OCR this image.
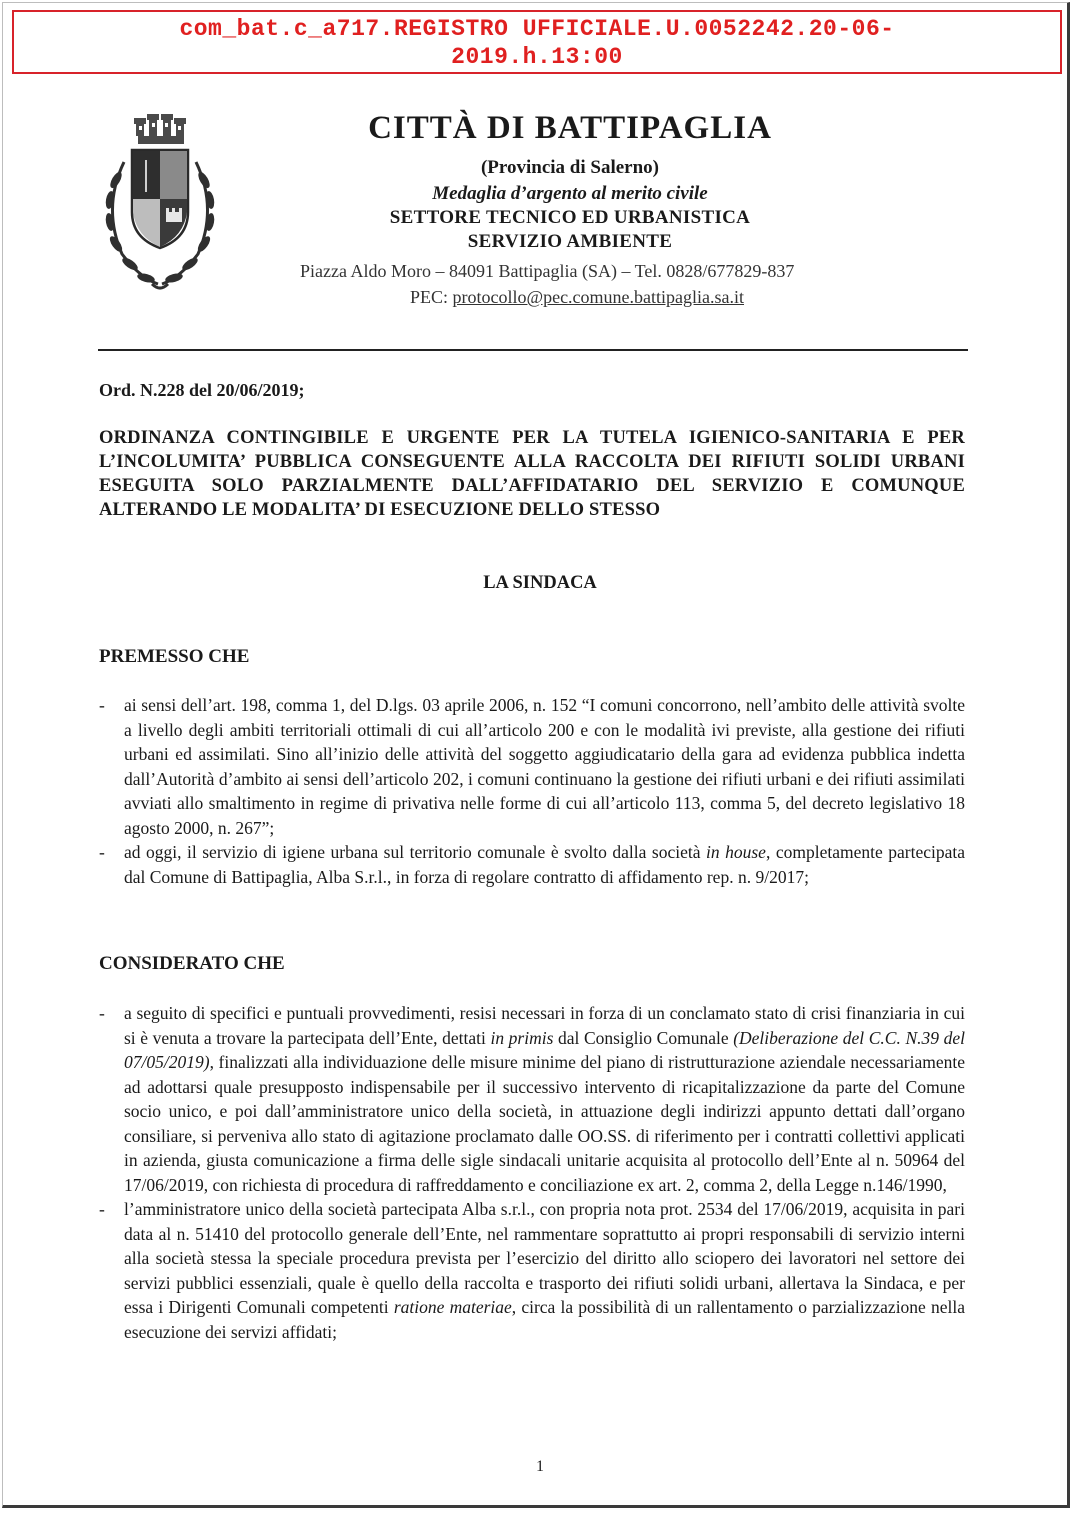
com_bat.c_a717.REGISTRO UFFICIALE.U.0052242.20-06-
2019.h.13:00
CITTÀ DI BATTIPAGLIA
(Provincia di Salerno)
Medaglia d’argento al merito civile
SETTORE TECNICO ED URBANISTICA
SERVIZIO AMBIENTE
Piazza Aldo Moro – 84091 Battipaglia (SA) – Tel. 0828/677829-837
PEC: protocollo@pec.comune.battipaglia.sa.it
Ord. N.228 del 20/06/2019;
ORDINANZA CONTINGIBILE E URGENTE PER LA TUTELA IGIENICO-SANITARIA E PER L’INCOLUMITA’ PUBBLICA CONSEGUENTE ALLA RACCOLTA DEI RIFIUTI SOLIDI URBANI ESEGUITA SOLO PARZIALMENTE DALL’AFFIDATARIO DEL SERVIZIO E COMUNQUE ALTERANDO LE MODALITA’ DI ESECUZIONE DELLO STESSO
LA SINDACA
PREMESSO CHE
- ai sensi dell’art. 198, comma 1, del D.lgs. 03 aprile 2006, n. 152 “I comuni concorrono, nell’ambito delle attività svolte a livello degli ambiti territoriali ottimali di cui all’articolo 200 e con le modalità ivi previste, alla gestione dei rifiuti urbani ed assimilati. Sino all’inizio delle attività del soggetto aggiudicatario della gara ad evidenza pubblica indetta dall’Autorità d’ambito ai sensi dell’articolo 202, i comuni continuano la gestione dei rifiuti urbani e dei rifiuti assimilati avviati allo smaltimento in regime di privativa nelle forme di cui all’articolo 113, comma 5, del decreto legislativo 18 agosto 2000, n. 267”;
- ad oggi, il servizio di igiene urbana sul territorio comunale è svolto dalla società in house, completamente partecipata dal Comune di Battipaglia, Alba S.r.l., in forza di regolare contratto di affidamento rep. n. 9/2017;
CONSIDERATO CHE
- a seguito di specifici e puntuali provvedimenti, resisi necessari in forza di un conclamato stato di crisi finanziaria in cui si è venuta a trovare la partecipata dell’Ente, dettati in primis dal Consiglio Comunale (Deliberazione del C.C. N.39 del 07/05/2019), finalizzati alla individuazione delle misure minime del piano di ristrutturazione aziendale necessariamente ad adottarsi quale presupposto indispensabile per il successivo intervento di ricapitalizzazione da parte del Comune socio unico, e poi dall’amministratore unico della società, in attuazione degli indirizzi appunto dettati dall’organo consiliare, si perveniva allo stato di agitazione proclamato dalle OO.SS. di riferimento per i contratti collettivi applicati in azienda, giusta comunicazione a firma delle sigle sindacali unitarie acquisita al protocollo dell’Ente al n. 50964 del 17/06/2019, con richiesta di procedura di raffreddamento e conciliazione ex art. 2, comma 2, della Legge n.146/1990,
- l’amministratore unico della società partecipata Alba s.r.l., con propria nota prot. 2534 del 17/06/2019, acquisita in pari data al n. 51410 del protocollo generale dell’Ente, nel rammentare soprattutto ai propri responsabili di servizio interni alla società stessa la speciale procedura prevista per l’esercizio del diritto allo sciopero dei lavoratori nel settore dei servizi pubblici essenziali, quale è quello della raccolta e trasporto dei rifiuti solidi urbani, allertava la Sindaca, e per essa i Dirigenti Comunali competenti ratione materiae, circa la possibilità di un rallentamento o parzializzazione nella esecuzione dei servizi affidati;
1
